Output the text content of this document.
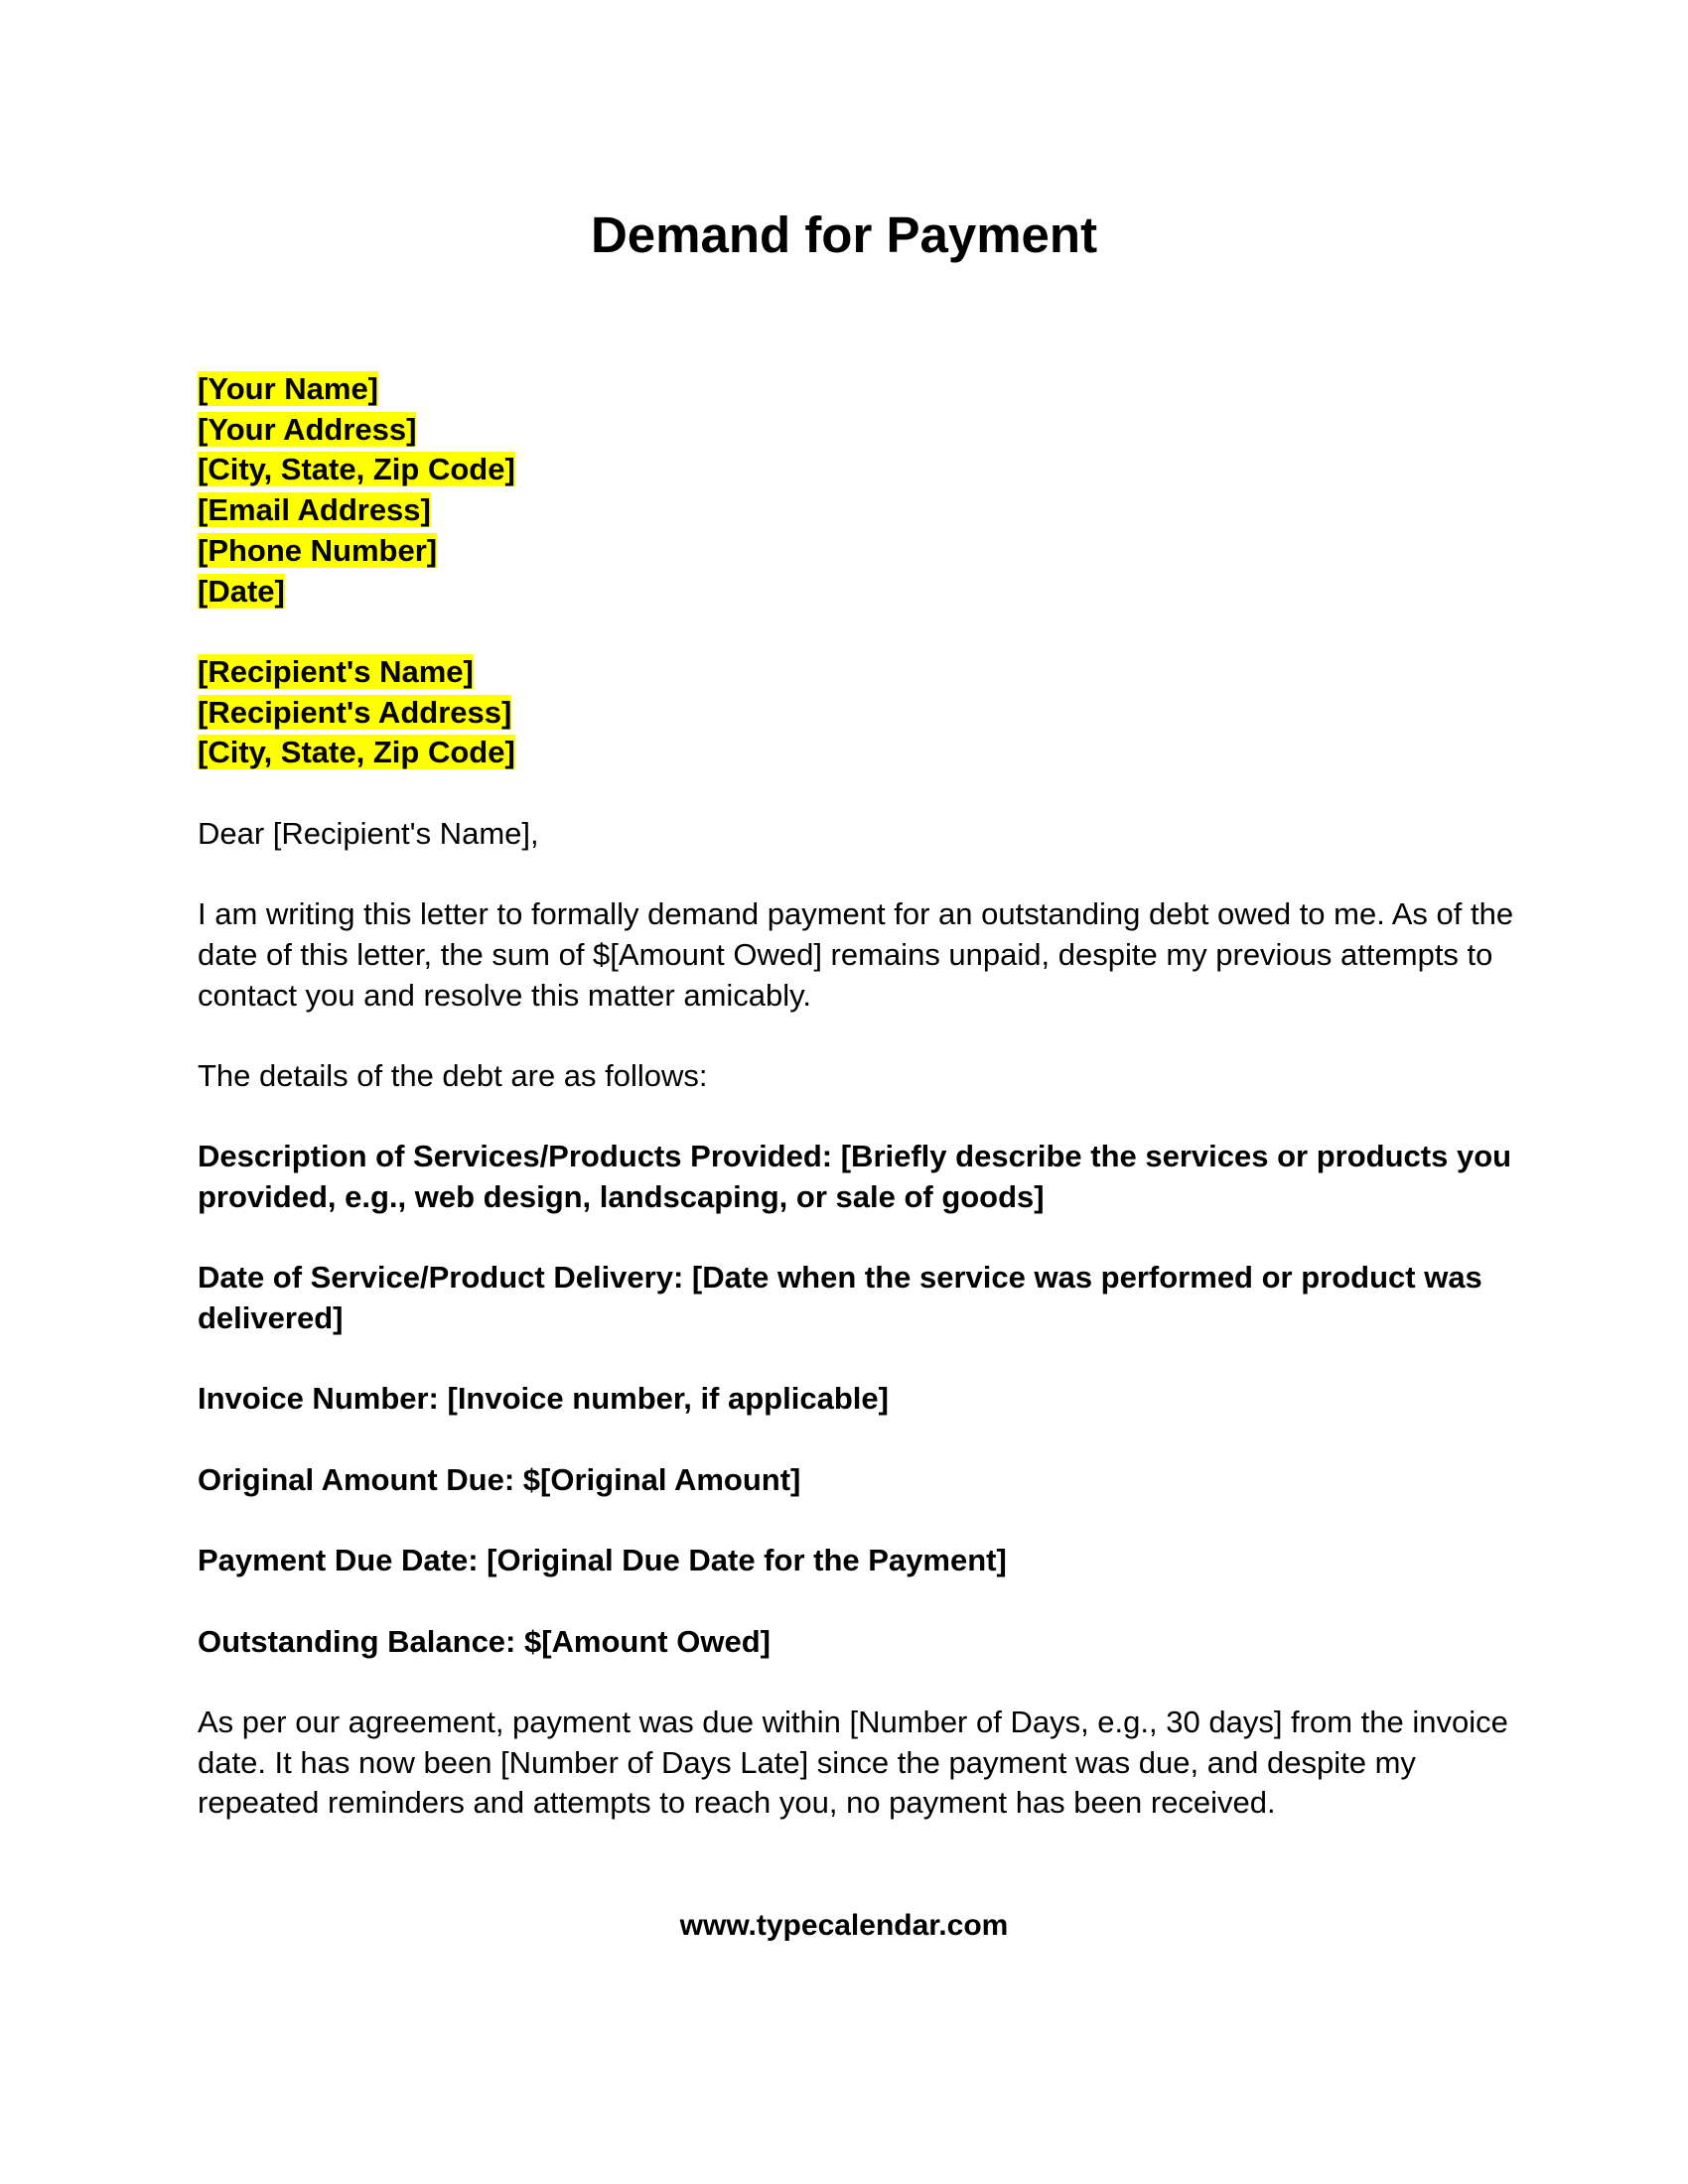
Demand for Payment
[Your Name]
[Your Address]
[City, State, Zip Code]
[Email Address]
[Phone Number]
[Date]
[Recipient's Name]
[Recipient's Address]
[City, State, Zip Code]

Dear [Recipient's Name],

I am writing this letter to formally demand payment for an outstanding debt owed to me. As of the date of this letter, the sum of $[Amount Owed] remains unpaid, despite my previous attempts to contact you and resolve this matter amicably.

The details of the debt are as follows:

Description of Services/Products Provided: [Briefly describe the services or products you provided, e.g., web design, landscaping, or sale of goods]

Date of Service/Product Delivery: [Date when the service was performed or product was delivered]

Invoice Number: [Invoice number, if applicable]

Original Amount Due: $[Original Amount]

Payment Due Date: [Original Due Date for the Payment]

Outstanding Balance: $[Amount Owed]

As per our agreement, payment was due within [Number of Days, e.g., 30 days] from the invoice date. It has now been [Number of Days Late] since the payment was due, and despite my repeated reminders and attempts to reach you, no payment has been received.

www.typecalendar.com
